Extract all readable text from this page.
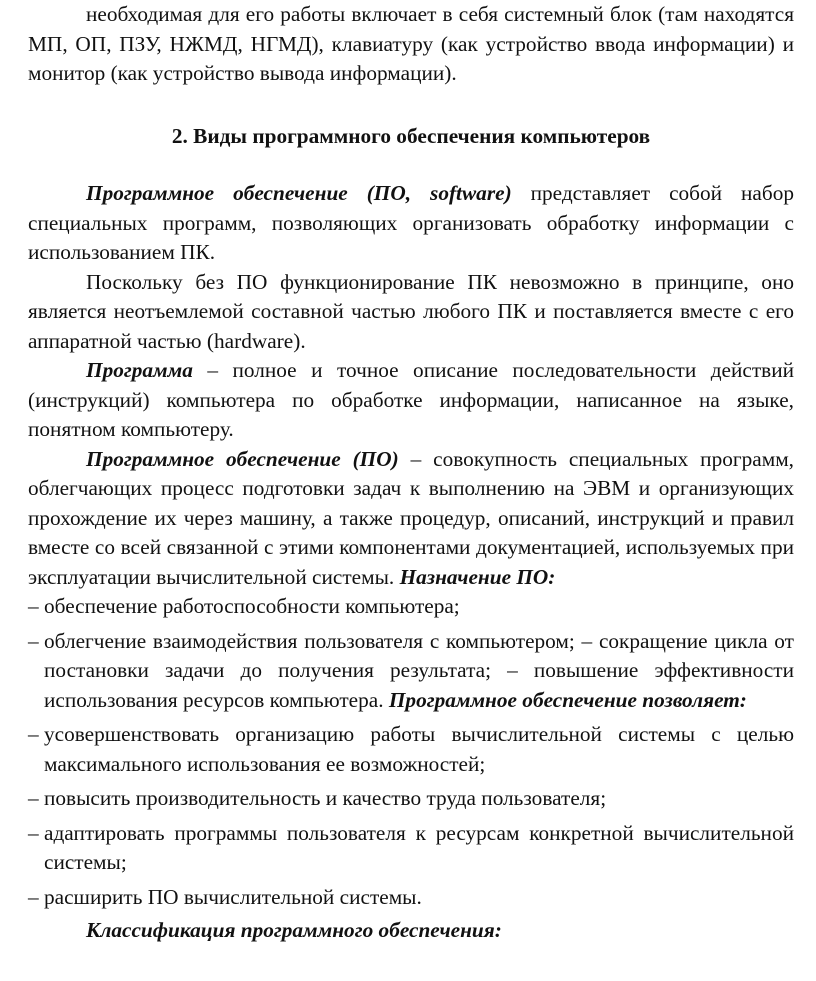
необходимая для его работы включает в себя системный блок (там находятся МП, ОП, ПЗУ, НЖМД, НГМД), клавиатуру (как устройство ввода информации) и монитор (как устройство вывода информации).

2. Виды программного обеспечения компьютеров

Программное обеспечение (ПО, software) представляет собой набор специальных программ, позволяющих организовать обработку информации с использованием ПК.

Поскольку без ПО функционирование ПК невозможно в принципе, оно является неотъемлемой составной частью любого ПК и поставляется вместе с его аппаратной частью (hardware).

Программа – полное и точное описание последовательности действий (инструкций) компьютера по обработке информации, написанное на языке, понятном компьютеру.

Программное обеспечение (ПО) – совокупность специальных программ, облегчающих процесс подготовки задач к выполнению на ЭВМ и организующих прохождение их через машину, а также процедур, описаний, инструкций и правил вместе со всей связанной с этими компонентами документацией, используемых при эксплуатации вычислительной системы. Назначение ПО:

– обеспечение работоспособности компьютера;
– облегчение взаимодействия пользователя с компьютером; – сокращение цикла от постановки задачи до получения результата; – повышение эффективности использования ресурсов компьютера. Программное обеспечение позволяет:
– усовершенствовать организацию работы вычислительной системы с целью максимального использования ее возможностей;
– повысить производительность и качество труда пользователя;
– адаптировать программы пользователя к ресурсам конкретной вычислительной системы;
– расширить ПО вычислительной системы.

Классификация программного обеспечения:
